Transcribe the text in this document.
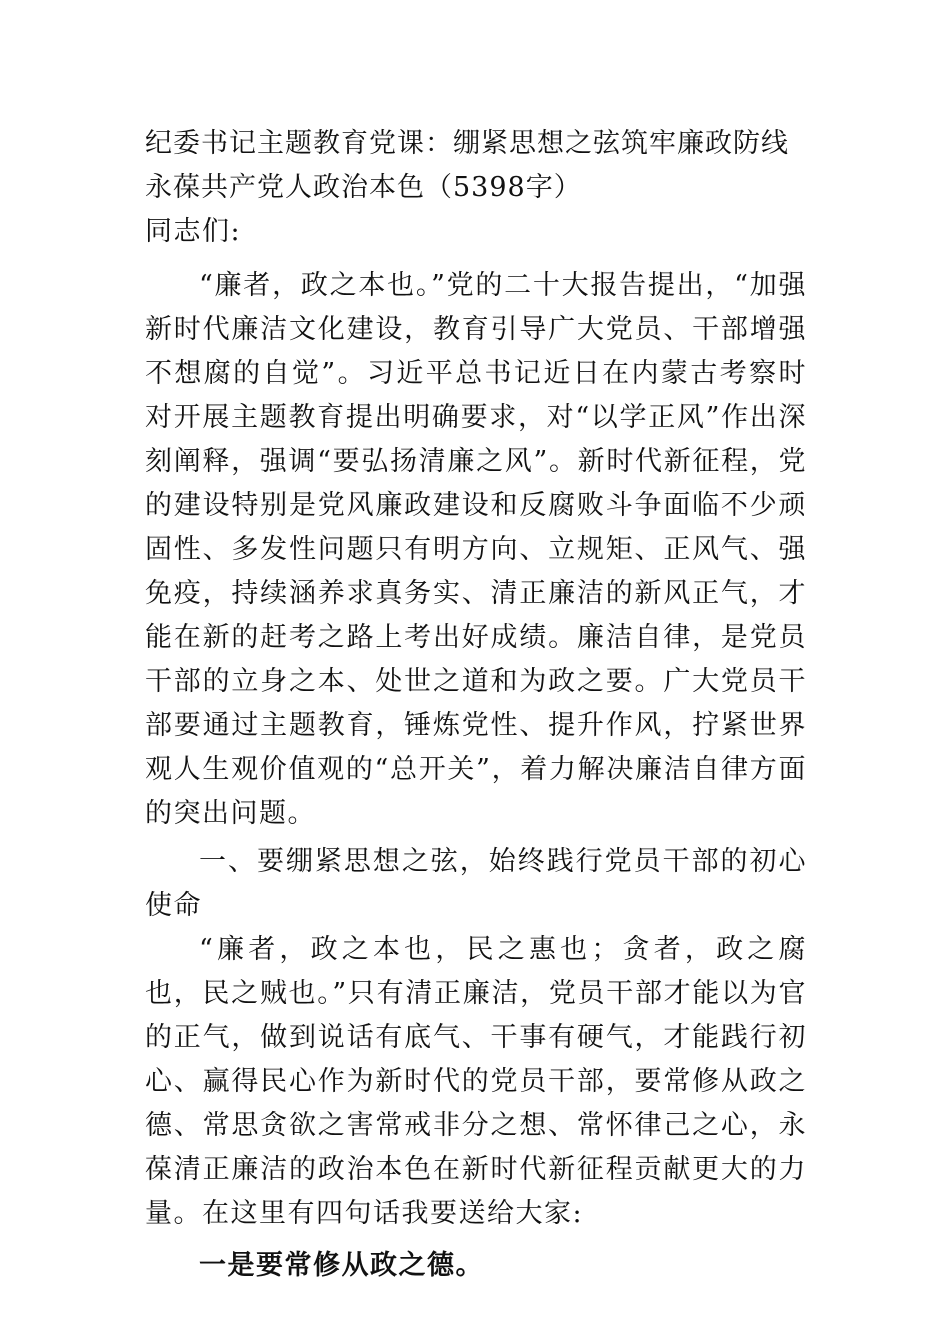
纪委书记主题教育党课：绷紧思想之弦筑牢廉政防线永葆共产党人政治本色（5398字）

同志们:

“廉者，政之本也。”党的二十大报告提出，“加强新时代廉洁文化建设，教育引导广大党员、干部增强不想腐的自觉”。习近平总书记近日在内蒙古考察时对开展主题教育提出明确要求，对“以学正风”作出深刻阐释，强调“要弘扬清廉之风”。新时代新征程，党的建设特别是党风廉政建设和反腐败斗争面临不少顽固性、多发性问题只有明方向、立规矩、正风气、强免疫，持续涵养求真务实、清正廉洁的新风正气，才能在新的赶考之路上考出好成绩。廉洁自律，是党员干部的立身之本、处世之道和为政之要。广大党员干部要通过主题教育，锤炼党性、提升作风，拧紧世界观人生观价值观的“总开关”，着力解决廉洁自律方面的突出问题。

一、要绷紧思想之弦，始终践行党员干部的初心使命

“廉者，政之本也，民之惠也；贪者，政之腐也，民之贼也。”只有清正廉洁，党员干部才能以为官的正气，做到说话有底气、干事有硬气，才能践行初心、赢得民心作为新时代的党员干部，要常修从政之德、常思贪欲之害常戒非分之想、常怀律己之心，永葆清正廉洁的政治本色在新时代新征程贡献更大的力量。在这里有四句话我要送给大家:

一是要常修从政之德。
